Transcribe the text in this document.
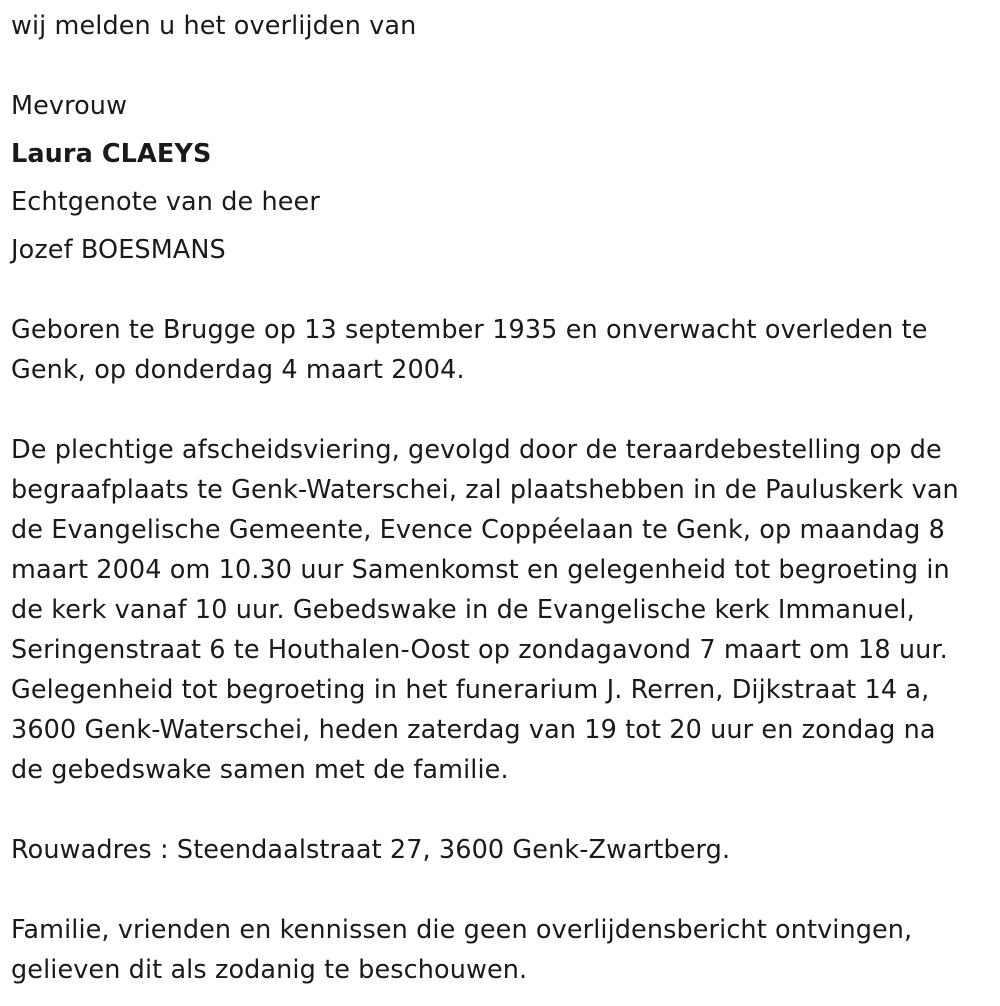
wij melden u het overlijden van

Mevrouw

Laura CLAEYS

Echtgenote van de heer

Jozef BOESMANS

Geboren te Brugge op 13 september 1935 en onverwacht overleden te
Genk, op donderdag 4 maart 2004.
De plechtige afscheidsviering, gevolgd door de teraardebestelling op de
begraafplaats te Genk-Waterschei, zal plaatshebben in de Pauluskerk van
de Evangelische Gemeente, Evence Coppéelaan te Genk, op maandag 8
maart 2004 om 10.30 uur Samenkomst en gelegenheid tot begroeting in
de kerk vanaf 10 uur. Gebedswake in de Evangelische kerk Immanuel,
Seringenstraat 6 te Houthalen-Oost op zondagavond 7 maart om 18 uur.
Gelegenheid tot begroeting in het funerarium J. Rerren, Dijkstraat 14 a,
3600 Genk-Waterschei, heden zaterdag van 19 tot 20 uur en zondag na
de gebedswake samen met de familie.

Rouwadres : Steendaalstraat 27, 3600 Genk-Zwartberg.

Familie, vrienden en kennissen die geen overlijdensbericht ontvingen,
gelieven dit als zodanig te beschouwen.
